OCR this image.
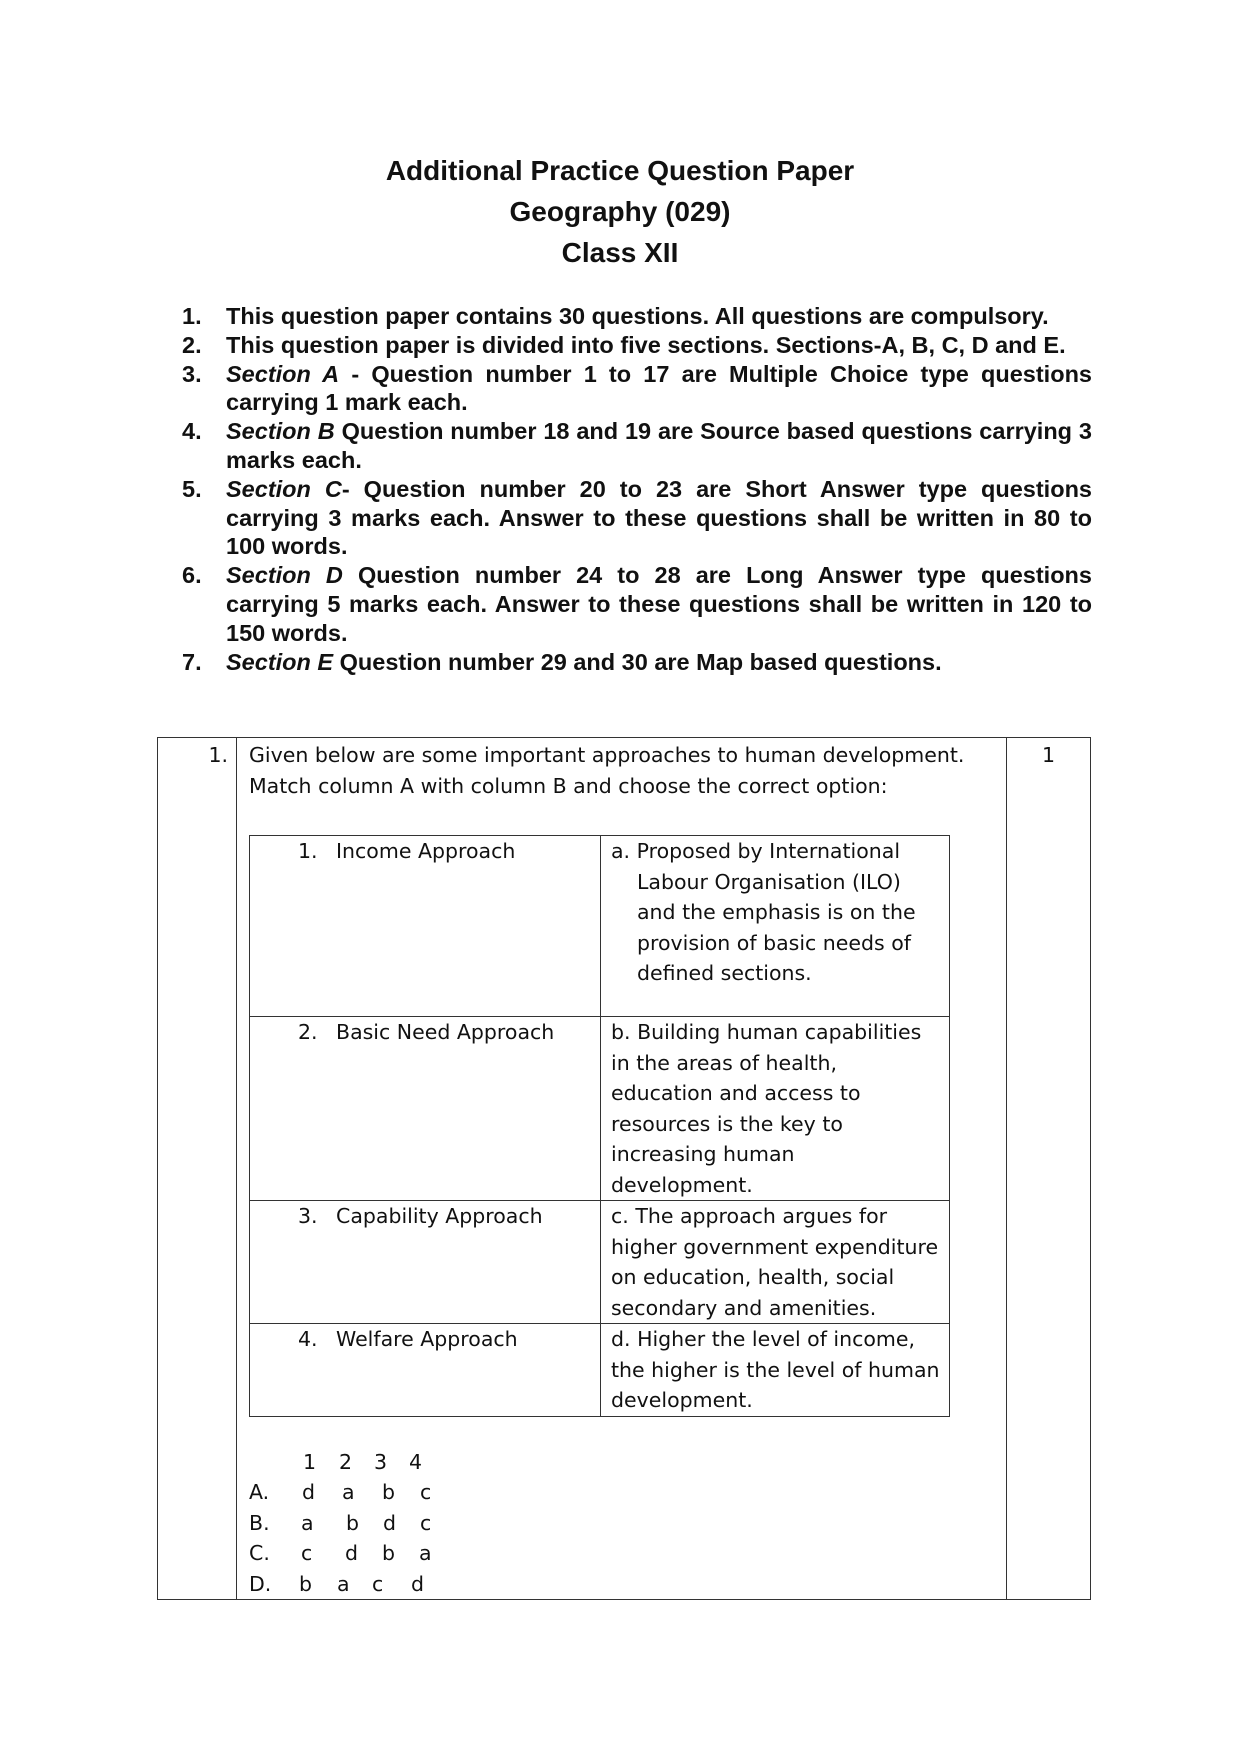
Additional Practice Question Paper
Geography (029)
Class XII
1. This question paper contains 30 questions. All questions are compulsory.
2. This question paper is divided into five sections. Sections-A, B, C, D and E.
3. Section A - Question number 1 to 17 are Multiple Choice type questions carrying 1 mark each.
4. Section B Question number 18 and 19 are Source based questions carrying 3 marks each.
5. Section C- Question number 20 to 23 are Short Answer type questions carrying 3 marks each. Answer to these questions shall be written in 80 to 100 words.
6. Section D Question number 24 to 28 are Long Answer type questions carrying 5 marks each. Answer to these questions shall be written in 120 to 150 words.
7. Section E Question number 29 and 30 are Map based questions.
1.	Given below are some important approaches to human development.
Match column A with column B and choose the correct option:
1. Income Approach	a. Proposed by International
Labour Organisation (ILO)
and the emphasis is on the
provision of basic needs of
defined sections.

2. Basic Need Approach	b. Building human capabilities
in the areas of health,
education and access to
resources is the key to
increasing human development.

3. Capability Approach	c. The approach argues for
higher government expenditure
on education, health, social
secondary and amenities.

4. Welfare Approach	d. Higher the level of income,
the higher is the level of human
development.
1 2 3 4
A. d a b c
B. a b d c
C. c d b a
D. b a c d
	1
